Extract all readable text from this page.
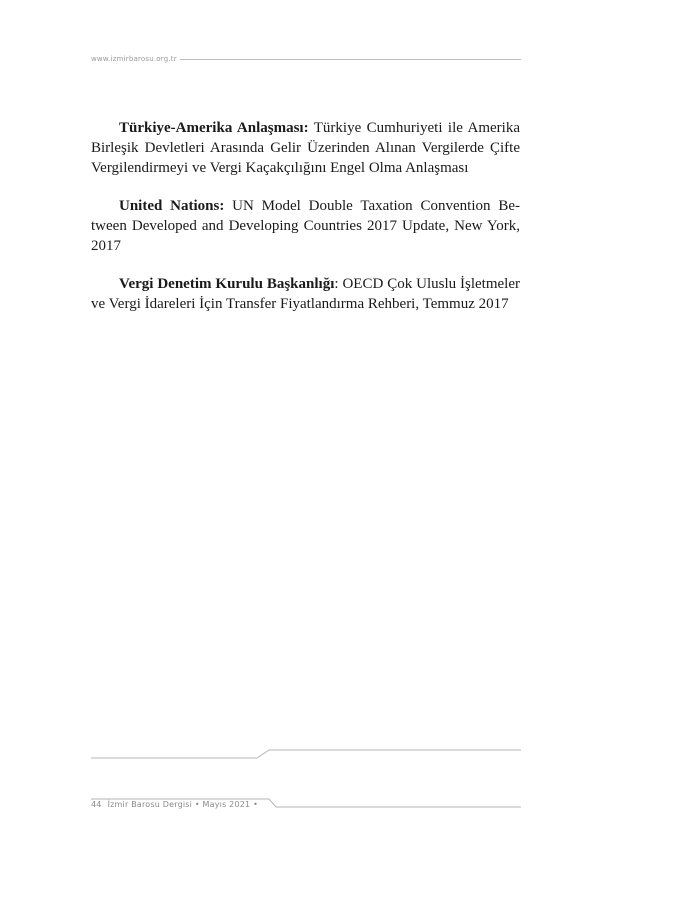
www.izmirbarosu.org.tr

Türkiye-Amerika Anlaşması: Türkiye Cumhuriyeti ile Amerika Birleşik Devletleri Arasında Gelir Üzerinden Alınan Vergilerde Çifte Vergilendirmeyi ve Vergi Kaçakçılığını Engel Olma Anlaşması

United Nations: UN Model Double Taxation Convention Between Developed and Developing Countries 2017 Update, New York, 2017

Vergi Denetim Kurulu Başkanlığı: OECD Çok Uluslu İşletmeler ve Vergi İdareleri İçin Transfer Fiyatlandırma Rehberi, Temmuz 2017

44 İzmir Barosu Dergisi • Mayıs 2021 •
